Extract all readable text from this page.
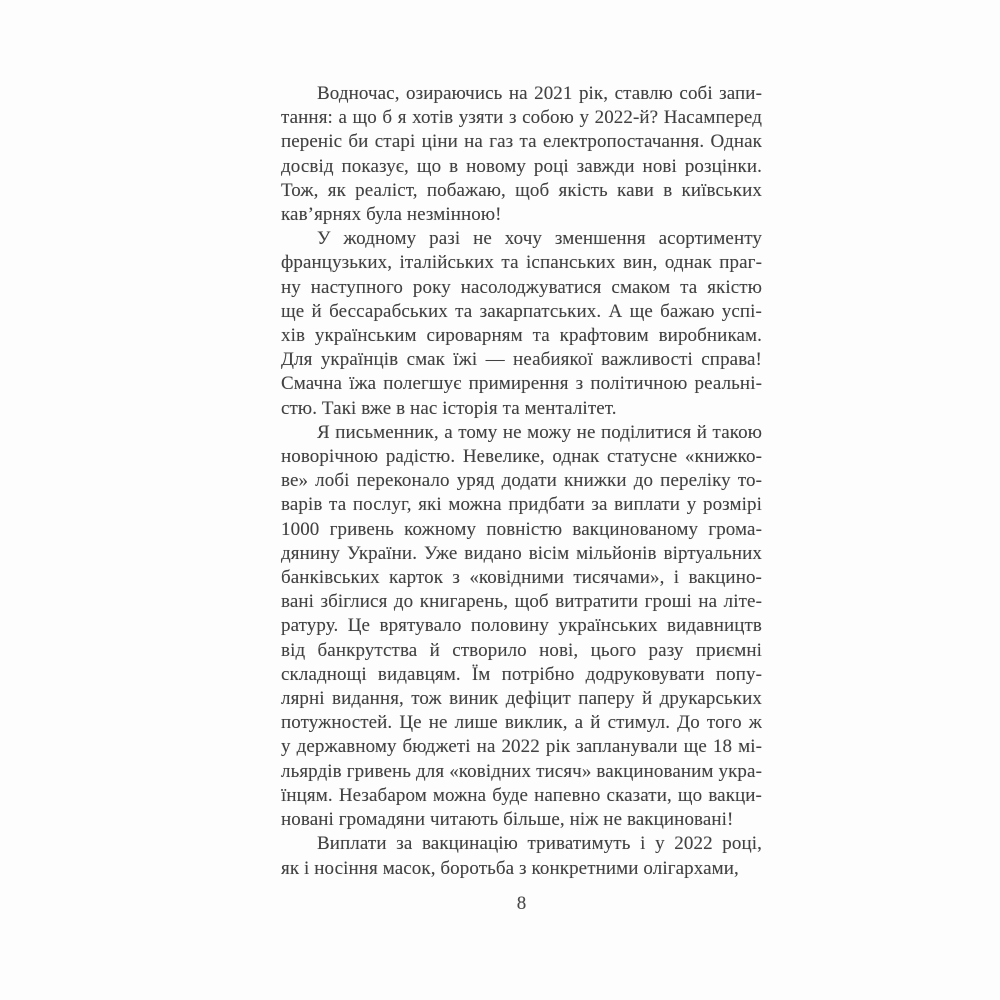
Водночас, озираючись на 2021 рік, ставлю собі запи-
тання: а що б я хотів узяти з собою у 2022-й? Насамперед
переніс би старі ціни на газ та електропостачання. Однак
досвід показує, що в новому році завжди нові розцінки.
Тож, як реаліст, побажаю, щоб якість кави в київських
кав’ярнях була незмінною!
У жодному разі не хочу зменшення асортименту
французьких, італійських та іспанських вин, однак праг-
ну наступного року насолоджуватися смаком та якістю
ще й бессарабських та закарпатських. А ще бажаю успі-
хів українським сироварням та крафтовим виробникам.
Для українців смак їжі — неабиякої важливості справа!
Смачна їжа полегшує примирення з політичною реальні-
стю. Такі вже в нас історія та менталітет.
Я письменник, а тому не можу не поділитися й такою
новорічною радістю. Невелике, однак статусне «книжко-
ве» лобі переконало уряд додати книжки до переліку то-
варів та послуг, які можна придбати за виплати у розмірі
1000 гривень кожному повністю вакцинованому грома-
дянину України. Уже видано вісім мільйонів віртуальних
банківських карток з «ковідними тисячами», і вакцино-
вані збіглися до книгарень, щоб витратити гроші на літе-
ратуру. Це врятувало половину українських видавництв
від банкрутства й створило нові, цього разу приємні
складнощі видавцям. Їм потрібно додруковувати попу-
лярні видання, тож виник дефіцит паперу й друкарських
потужностей. Це не лише виклик, а й стимул. До того ж
у державному бюджеті на 2022 рік запланували ще 18 мі-
льярдів гривень для «ковідних тисяч» вакцинованим укра-
їнцям. Незабаром можна буде напевно сказати, що вакци-
новані громадяни читають більше, ніж не вакциновані!
Виплати за вакцинацію триватимуть і у 2022 році,
як і носіння масок, боротьба з конкретними олігархами,
8
